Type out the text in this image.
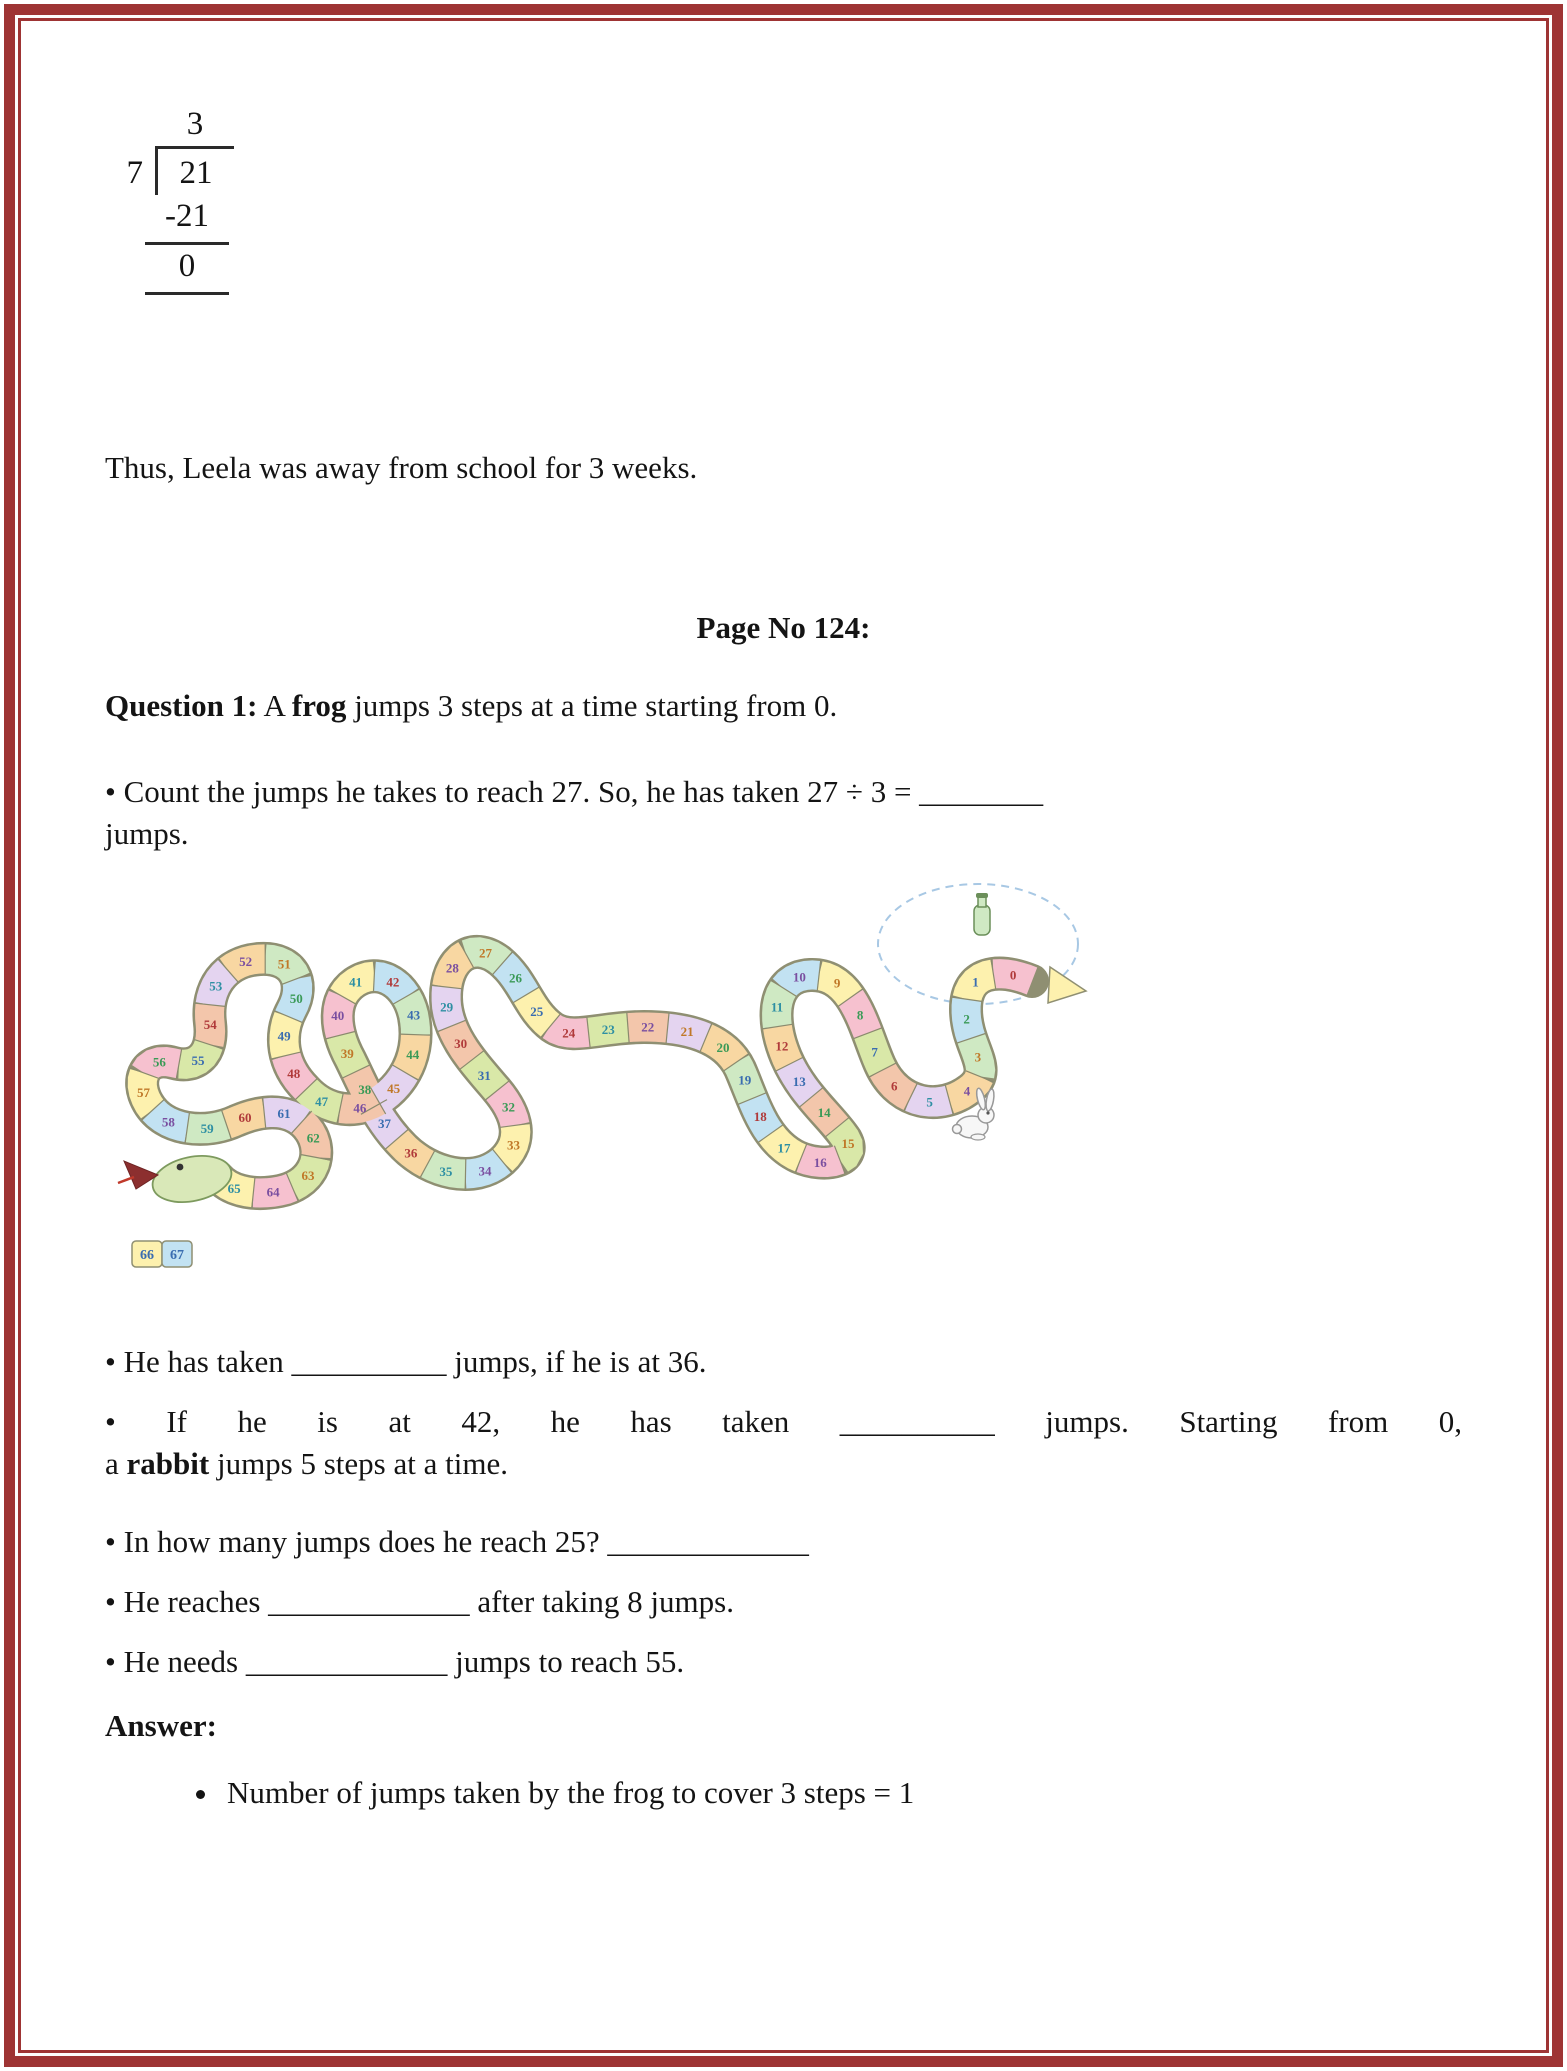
3
7 21
-21
0

Thus, Leela was away from school for 3 weeks.

Page No 124:

Question 1: A frog jumps 3 steps at a time starting from 0.

• Count the jumps he takes to reach 27. So, he has taken 27 ÷ 3 = ________
jumps.

0
1
2
3
4
5
6
7
8
9
10
11
12
13
14
15
16
17
18
19
20
21
22
23
24
25
26
27
28
29
30
31
32
33
34
35
36
37
38
39
40
41 42
43
44
45
46
47
48
49
50
51
52
53
54
55
56
57
58 59
60 61
62
63
64
65
66 67

• He has taken __________ jumps, if he is at 36.

• If he is at 42, he has taken __________ jumps. Starting from 0,
a rabbit jumps 5 steps at a time.

• In how many jumps does he reach 25? _____________

• He reaches _____________ after taking 8 jumps.

• He needs _____________ jumps to reach 55.

Answer:

• Number of jumps taken by the frog to cover 3 steps = 1
